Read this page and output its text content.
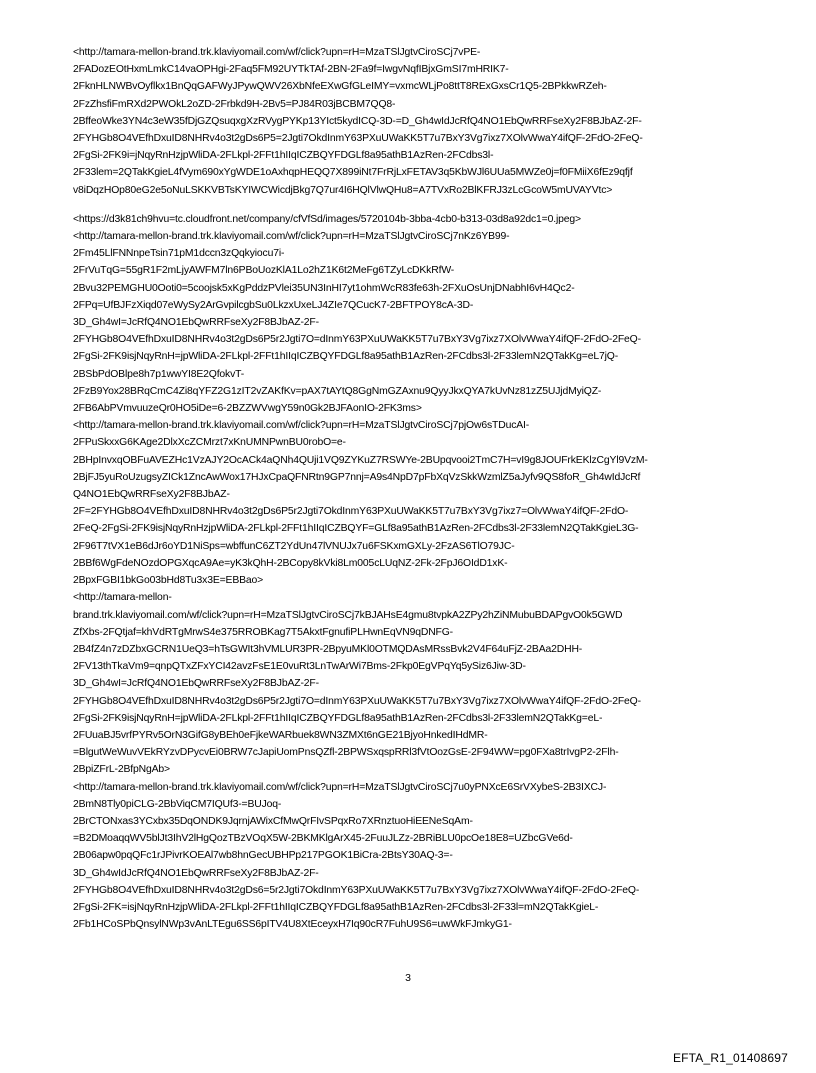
<http://tamara-mellon-brand.trk.klaviyomail.com/wf/click?upn=rH=MzaTSlJgtvCiroSCj7vPE-
2FADozEOtHxmLmkC14vaOPHgi-2Faq5FM92UYTkTAf-2BN-2Fa9f=IwgvNqfIBjxGmSI7mHRIK7-
2FknHLNWBvOyflkx1BnQqGAFWyJPywQWV26XbNfeEXwGfGLeIMY=vxmcWLjPo8ttT8RExGxsCr1Q5-2BPkkwRZeh-
2FzZhsfiFmRXd2PWOkL2oZD-2Frbkd9H-2Bv5=PJ84R03jBCBM7QQ8-
2BffeoWke3YN4c3eW35fDjGZQsuqxgXzRVygPYKp13YIct5kydICQ-3D-=D_Gh4wIdJcRfQ4NO1EbQwRRFseXy2F8BJbAZ-2F-
2FYHGb8O4VEfhDxuID8NHRv4o3t2gDs6P5=2Jgti7OkdInmY63PXuUWaKK5T7u7BxY3Vg7ixz7XOlvWwaY4ifQF-2FdO-2FeQ-
2FgSi-2FK9i=jNqyRnHzjpWliDA-2FLkpl-2FFt1hIIqICZBQYFDGLf8a95athB1AzRen-2FCdbs3l-
2F33lem=2QTakKgieL4fVym690xYgWDE1oAxhqpHEQQ7X899iNt7FrRjLxFETAV3q5KbWJl6UUa5MWZe0j=f0FMiiX6fEz9qfjf
v8iDqzHOp80eG2e5oNuLSKKVBTsKYIWCWicdjBkg7Q7ur4I6HQlVlwQHu8=A7TVxRo2BlKFRJ3zLcGcoW5mUVAYVtc>
<https://d3k81ch9hvu=tc.cloudfront.net/company/cfVfSd/images/5720104b-3bba-4cb0-b313-03d8a92dc1=0.jpeg>
<http://tamara-mellon-brand.trk.klaviyomail.com/wf/click?upn=rH=MzaTSlJgtvCiroSCj7nKz6YB99-
2Fm45LlFNNnpeTsin71pM1dccn3zQqkyiocu7i-
2FrVuTqG=55gR1F2mLjyAWFM7ln6PBoUozKlA1Lo2hZ1K6t2MeFg6TZyLcDKkRfW-
2Bvu32PEMGHU0Ooti0=5coojsk5xKgPddzPVlei35UN3InHI7yt1ohmWcR83fe63h-2FXuOsUnjDNabhI6vH4Qc2-
2FPq=UfBJFzXiqd07eWySy2ArGvpilcgbSu0LkzxUxeLJ4ZIe7QCucK7-2BFTPOY8cA-3D-
3D_Gh4wI=JcRfQ4NO1EbQwRRFseXy2F8BJbAZ-2F-
2FYHGb8O4VEfhDxuID8NHRv4o3t2gDs6P5r2Jgti7O=dInmY63PXuUWaKK5T7u7BxY3Vg7ixz7XOlvWwaY4ifQF-2FdO-2FeQ-
2FgSi-2FK9isjNqyRnH=jpWliDA-2FLkpl-2FFt1hIIqICZBQYFDGLf8a95athB1AzRen-2FCdbs3l-2F33lemN2QTakKg=eL7jQ-
2BSbPdOBlpe8h7p1wwYI8E2QfokvT-
2FzB9Yox28BRqCmC4Zi8qYFZ2G1zIT2vZAKfKv=pAX7tAYtQ8GgNmGZAxnu9QyyJkxQYA7kUvNz81zZ5UJjdMyiQZ-
2FB6AbPVmvuuzeQr0HO5iDe=6-2BZZWVwgY59n0Gk2BJFAonIO-2FK3ms>
<http://tamara-mellon-brand.trk.klaviyomail.com/wf/click?upn=rH=MzaTSlJgtvCiroSCj7pjOw6sTDucAI-
2FPuSkxxG6KAge2DlxXcZCMrzt7xKnUMNPwnBU0robO=e-
2BHpInvxqOBFuAVEZHc1VzAJY2OcACk4aQNh4QUji1VQ9ZYKuZ7RSWYe-2BUpqvooi2TmC7H=vI9g8JOUFrkEKlzCgYl9VzM-
2BjFJ5yuRoUzugsyZICk1ZncAwWox17HJxCpaQFNRtn9GP7nnj=A9s4NpD7pFbXqVzSkkWzmlZ5aJyfv9QS8foR_Gh4wIdJcRf
Q4NO1EbQwRRFseXy2F8BJbAZ-
2F=2FYHGb8O4VEfhDxuID8NHRv4o3t2gDs6P5r2Jgti7OkdInmY63PXuUWaKK5T7u7BxY3Vg7ixz7=OlvWwaY4ifQF-2FdO-
2FeQ-2FgSi-2FK9isjNqyRnHzjpWliDA-2FLkpl-2FFt1hIIqICZBQYF=GLf8a95athB1AzRen-2FCdbs3l-2F33lemN2QTakKgieL3G-
2F96T7tVX1eB6dJr6oYD1NiSps=wbffunC6ZT2YdUn47lVNUJx7u6FSKxmGXLy-2FzAS6TlO79JC-
2BBf6WgFdeNOzdOPGXqcA9Ae=yK3kQhH-2BCopy8kVki8Lm005cLUqNZ-2Fk-2FpJ6OIdD1xK-
2BpxFGBI1bkGo03bHd8Tu3x3E=EBBao>
<http://tamara-mellon-
brand.trk.klaviyomail.com/wf/click?upn=rH=MzaTSlJgtvCiroSCj7kBJAHsE4gmu8tvpkA2ZPy2hZiNMubuBDAPgvO0k5GWD
ZfXbs-2FQtjaf=khVdRTgMrwS4e375RROBKag7T5AkxtFgnufiPLHwnEqVN9qDNFG-
2B4fZ4n7zDZbxGCRN1UeQ3=hTsGWIt3hVMLUR3PR-2BpyuMKl0OTMQDAsMRssBvk2V4F64uFjZ-2BAa2DHH-
2FV13thTkaVm9=qnpQTxZFxYCI42avzFsE1E0vuRt3LnTwArWi7Bms-2Fkp0EgVPqYq5ySiz6Jiw-3D-
3D_Gh4wI=JcRfQ4NO1EbQwRRFseXy2F8BJbAZ-2F-
2FYHGb8O4VEfhDxuID8NHRv4o3t2gDs6P5r2Jgti7O=dInmY63PXuUWaKK5T7u7BxY3Vg7ixz7XOlvWwaY4ifQF-2FdO-2FeQ-
2FgSi-2FK9isjNqyRnH=jpWliDA-2FLkpl-2FFt1hIIqICZBQYFDGLf8a95athB1AzRen-2FCdbs3l-2F33lemN2QTakKg=eL-
2FUuaBJ5vrfPYRv5OrN3GifG8yBEh0eFjkeWARbuek8WN3ZMXt6nGE21BjyoHnkedIHdMR-
=BlgutWeWuvVEkRYzvDPycvEi0BRW7cJapiUomPnsQZfl-2BPWSxqspRRl3fVtOozGsE-2F94WW=pg0FXa8trIvgP2-2Flh-
2BpiZFrL-2BfpNgAb>
<http://tamara-mellon-brand.trk.klaviyomail.com/wf/click?upn=rH=MzaTSlJgtvCiroSCj7u0yPNXcE6SrVXybeS-2B3IXCJ-
2BmN8Tly0piCLG-2BbViqCM7IQUf3-=BUJoq-
2BrCTONxas3YCxbx35DqONDK9JqrnjAWixCfMwQrFIvSPqxRo7XRnztuoHiEENeSqAm-
=B2DMoaqqWV5blJt3IhV2lHgQozTBzVOqX5W-2BKMKlgArX45-2FuuJLZz-2BRiBLU0pcOe18E8=UZbcGVe6d-
2B06apw0pqQFc1rJPivrKOEAl7wb8hnGecUBHPp217PGOK1BiCra-2BtsY30AQ-3=-
3D_Gh4wIdJcRfQ4NO1EbQwRRFseXy2F8BJbAZ-2F-
2FYHGb8O4VEfhDxuID8NHRv4o3t2gDs6=5r2Jgti7OkdInmY63PXuUWaKK5T7u7BxY3Vg7ixz7XOlvWwaY4ifQF-2FdO-2FeQ-
2FgSi-2FK=isjNqyRnHzjpWliDA-2FLkpl-2FFt1hIIqICZBQYFDGLf8a95athB1AzRen-2FCdbs3l-2F33l=mN2QTakKgieL-
2Fb1HCoSPbQnsylNWp3vAnLTEgu6SS6pITV4U8XtEceyxH7Iq90cR7FuhU9S6=uwWkFJmkyG1-
3
EFTA_R1_01408697
